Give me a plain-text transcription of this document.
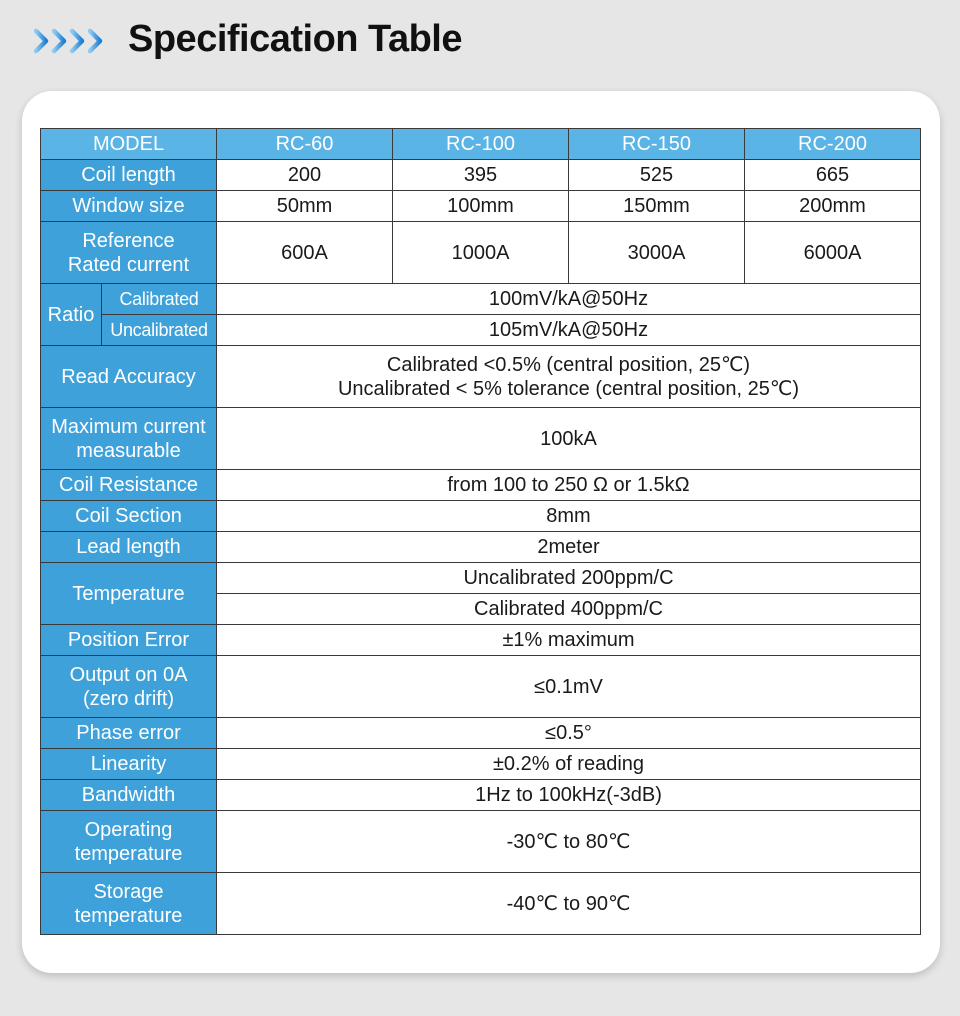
Specification Table
MODEL		RC-60	RC-100	RC-150	RC-200
Coil length		200	395	525	665
Window size		50mm	100mm	150mm	200mm

Reference
Rated current		600A	1000A	3000A	6000A
Ratio	Calibrated	100mV/kA@50Hz			
	Uncalibrated	105mV/kA@50Hz			
Read Accuracy		Calibrated <0.5% (central position, 25℃)
Uncalibrated < 5% tolerance (central position, 25℃)			

Maximum current
measurable		100kA			
Coil Resistance		from 100 to 250 Ω or 1.5kΩ			
Coil Section		8mm			
Lead length		2meter			
Temperature		Uncalibrated 200ppm/C			
		Calibrated 400ppm/C			
Position Error		±1% maximum			

Output on 0A
(zero drift)		≤0.1mV			
Phase error		≤0.5°			
Linearity		±0.2% of reading			
Bandwidth		1Hz to 100kHz(-3dB)			

Operating
temperature		-30℃ to 80℃			

Storage
temperature		-40℃ to 90℃			
